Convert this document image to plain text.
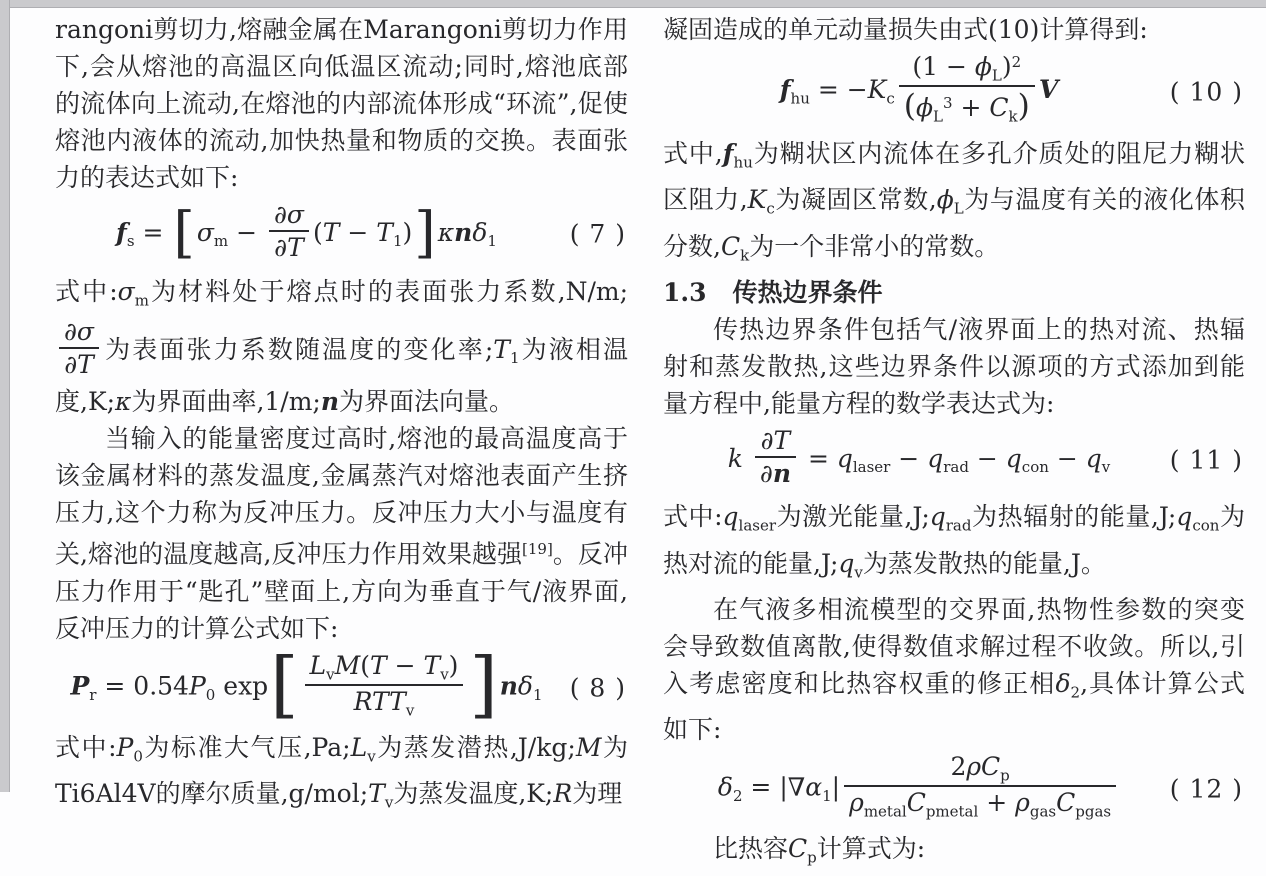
rangoni剪切力,熔融金属在Marangoni剪切力作用下,会从熔池的高温区向低温区流动;同时,熔池底部的流体向上流动,在熔池的内部流体形成“环流”,促使熔池内液体的流动,加快热量和物质的交换。表面张力的表达式如下:

$f_s = [\sigma_m - \frac{\partial\sigma}{\partial T} (T - T_1)]\kappa n\delta_1$	( 7 )

式中$:\sigma_m$为材料处于熔点时的表面张力系数,N/m;
$\frac{\partial\sigma}{\partial T}$ 为表面张力系数随温度的变化率$;T_1$为液相温度,K;κ为界面曲率,1/m;n为界面法向量。

当输入的能量密度过高时,熔池的最高温度高于该金属材料的蒸发温度,金属蒸汽对熔池表面产生挤压力,这个力称为反冲压力。反冲压力大小与温度有关,熔池的温度越高,反冲压力作用效果越强[19]。反冲压力作用于“匙孔”壁面上,方向为垂直于气/液界面,反冲压力的计算公式如下:

$P_r = 0.54P_0$ $\exp[ \frac{L_vM(T - T_v)}{RTT_v} ]n\delta_1$ ( 8 )

式中$:P_0$为标准大气压$,Pa;L_v$为蒸发潜热,J/kg;M为Ti6Al4V的摩尔质量$,g/mol;T_v$为蒸发温度,K;R为理

凝固造成的单元动量损失由式(10)计算得到:

$f_{hu} = -K_c \frac{(1 - \phi_L)^2}{(\phi_L^3 + C_k)}$ V	( 10 )

式中$,f_{hu}$为糊状区内流体在多孔介质处的阻尼力糊状区阻力$,K_c$为凝固区常数$,\phi_L$为与温度有关的液化体积分数$,C_k$为一个非常小的常数。

1.3 传热边界条件

传热边界条件包括气/液界面上的热对流、热辐射和蒸发散热,这些边界条件以源项的方式添加到能量方程中,能量方程的数学表达式为:

k $\frac{\partial T}{\partial n} = q_{laser} - q_{rad} - q_{con} - q_v$ ( 11 )

式中$:q_{laser}$为激光能量$,J;q_{rad}$为热辐射的能量$,J;q_{con}$为热对流的能量$,J;q_v$为蒸发散热的能量,J。

在气液多相流模型的交界面,热物性参数的突变会导致数值离散,使得数值求解过程不收敛。所以,引入考虑密度和比热容权重的修正相$\delta_2$,具体计算公式如下:

$\delta_2 = |\nabla\alpha_1| \frac{2\rho C_p}{\rho_{metal}C_{pmetal} + \rho_{gas}C_{pgas}}$ ( 12 )

比热容$C_p$计算式为:
